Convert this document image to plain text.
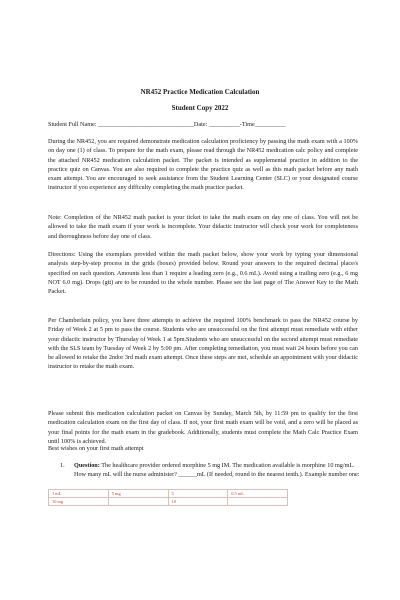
NR452 Practice Medication Calculation
Student Copy 2022
Student Full Name: _______________________________Date: __________-Time__________
During the NR452, you are required demonstrate medication calculation proficiency by passing the math exam with a 100% on day one (1) of class. To prepare for the math exam, please read through the NR452 medication calc policy and complete the attached NR452 medication calculation packet. The packet is intended as supplemental practice in addition to the practice quiz on Canvas. You are also required to complete the practice quiz as well as this math packet before any math exam attempt. You are encouraged to seek assistance from the Student Learning Center (SLC) or your designated course instructor if you experience any difficulty completing the math practice packet.
Note: Completion of the NR452 math packet is your ticket to take the math exam on day one of class. You will not be allowed to take the math exam if your work is incomplete. Your didactic instructor will check your work for completeness and thoroughness before day one of class.
Directions: Using the exemplars provided within the math packet below, show your work by typing your dimensional analysis step-by-step process in the grids (boxes) provided below. Round your answers to the required decimal place/s specified on each question. Amounts less than 1 require a leading zero (e.g., 0.6 mL). Avoid using a trailing zero (e.g., 6 mg NOT 6.0 mg). Drops (gtt) are to be rounded to the whole number. Please see the last page of The Answer Key to the Math Packet.
Per Chamberlain policy, you have three attempts to achieve the required 100% benchmark to pass the NR452 course by Friday of Week 2 at 5 pm to pass the course. Students who are unsuccessful on the first attempt must remediate with either your didactic instructor by Thursday of Week 1 at 5pm.Students who are unsuccessful on the second attempt must remediate with the SLS team by Tuesday of Week 2 by 5:00 pm. After completing remediation, you must wait 24 hours before you can be allowed to retake the 2ndor 3rd math exam attempt. Once these steps are met, schedule an appointment with your didactic instructor to retake the math exam.
Please submit this medication calculation packet on Canvas by Sunday, March 5th, by 11:59 pm to qualify for the first medication calculation exam on the first day of class. If not, your first math exam will be void, and a zero will be placed as your final points for the math exam in the gradebook. Additionally, students must complete the Math Calc Practice Exam until 100% is achieved.
Best wishes on your first math attempt
1. Question: The healthcare provider ordered morphine 5 mg IM. The medication available is morphine 10 mg/mL. How many mL will the nurse administer? ______mL (If needed, round to the nearest tenth.). Example number one:
1 mL	5 mg	5	0.5 mL
10 mg		10	
